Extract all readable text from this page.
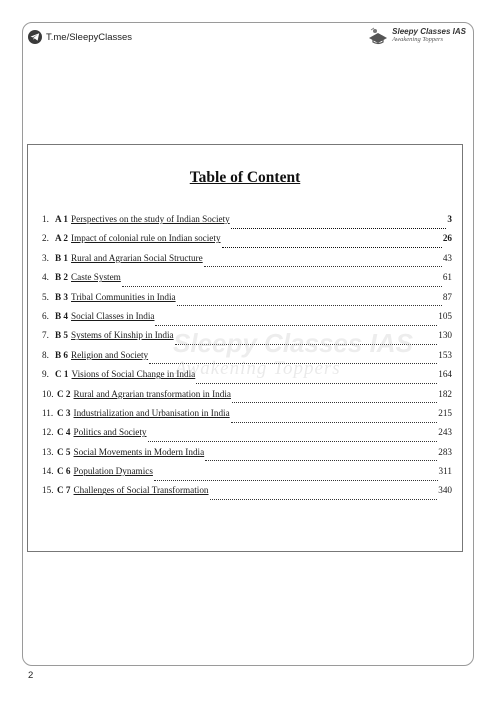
T.me/SleepyClasses	Sleepy Classes IAS
Awakening Toppers
Table of Content
1. A 1 Perspectives on the study of Indian Society	3
2. A 2 Impact of colonial rule on Indian society	26
3. B 1 Rural and Agrarian Social Structure	43
4. B 2 Caste System	61
5. B 3 Tribal Communities in India	87
6. B 4 Social Classes in India	105
7. B 5 Systems of Kinship in India	130
8. B 6 Religion and Society	153
9. C 1 Visions of Social Change in India	164
10. C 2 Rural and Agrarian transformation in India	182
11. C 3 Industrialization and Urbanisation in India	215
12. C 4 Politics and Society	243
13. C 5 Social Movements in Modern India	283
14. C 6 Population Dynamics	311
15. C 7 Challenges of Social Transformation	340
Sleepy Classes IAS
Awakening Toppers
2
